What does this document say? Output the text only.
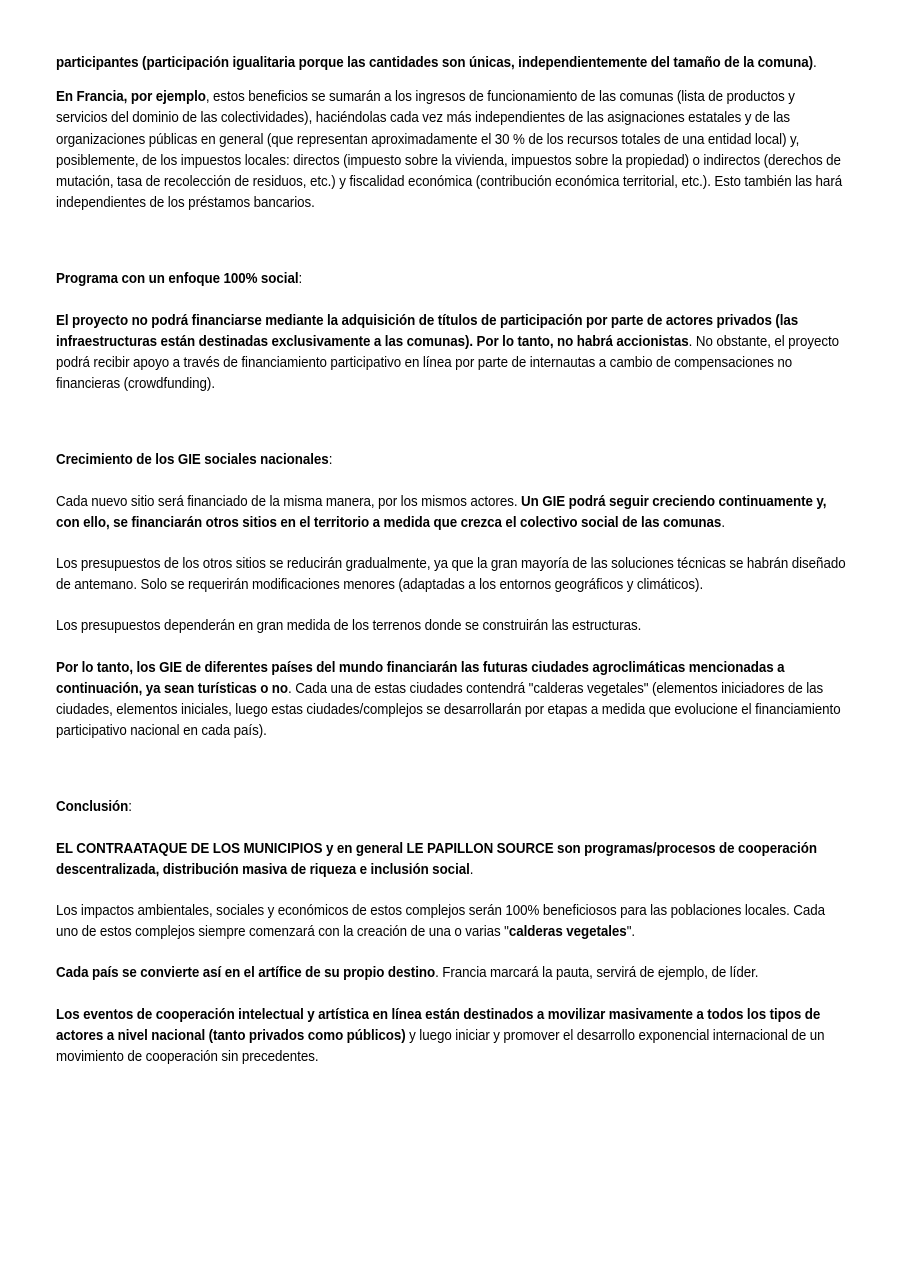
participantes (participación igualitaria porque las cantidades son únicas, independientemente del tamaño de la comuna).

En Francia, por ejemplo, estos beneficios se sumarán a los ingresos de funcionamiento de las comunas (lista de productos y servicios del dominio de las colectividades), haciéndolas cada vez más independientes de las asignaciones estatales y de las organizaciones públicas en general (que representan aproximadamente el 30 % de los recursos totales de una entidad local) y, posiblemente, de los impuestos locales: directos (impuesto sobre la vivienda, impuestos sobre la propiedad) o indirectos (derechos de mutación, tasa de recolección de residuos, etc.) y fiscalidad económica (contribución económica territorial, etc.). Esto también las hará independientes de los préstamos bancarios.

Programa con un enfoque 100% social:

El proyecto no podrá financiarse mediante la adquisición de títulos de participación por parte de actores privados (las infraestructuras están destinadas exclusivamente a las comunas). Por lo tanto, no habrá accionistas. No obstante, el proyecto podrá recibir apoyo a través de financiamiento participativo en línea por parte de internautas a cambio de compensaciones no financieras (crowdfunding).

Crecimiento de los GIE sociales nacionales:

Cada nuevo sitio será financiado de la misma manera, por los mismos actores. Un GIE podrá seguir creciendo continuamente y, con ello, se financiarán otros sitios en el territorio a medida que crezca el colectivo social de las comunas.

Los presupuestos de los otros sitios se reducirán gradualmente, ya que la gran mayoría de las soluciones técnicas se habrán diseñado de antemano. Solo se requerirán modificaciones menores (adaptadas a los entornos geográficos y climáticos).

Los presupuestos dependerán en gran medida de los terrenos donde se construirán las estructuras.

Por lo tanto, los GIE de diferentes países del mundo financiarán las futuras ciudades agroclimáticas mencionadas a continuación, ya sean turísticas o no. Cada una de estas ciudades contendrá "calderas vegetales" (elementos iniciadores de las ciudades, elementos iniciales, luego estas ciudades/complejos se desarrollarán por etapas a medida que evolucione el financiamiento participativo nacional en cada país).

Conclusión:

EL CONTRAATAQUE DE LOS MUNICIPIOS y en general LE PAPILLON SOURCE son programas/procesos de cooperación descentralizada, distribución masiva de riqueza e inclusión social.

Los impactos ambientales, sociales y económicos de estos complejos serán 100% beneficiosos para las poblaciones locales. Cada uno de estos complejos siempre comenzará con la creación de una o varias "calderas vegetales".

Cada país se convierte así en el artífice de su propio destino. Francia marcará la pauta, servirá de ejemplo, de líder.

Los eventos de cooperación intelectual y artística en línea están destinados a movilizar masivamente a todos los tipos de actores a nivel nacional (tanto privados como públicos) y luego iniciar y promover el desarrollo exponencial internacional de un movimiento de cooperación sin precedentes.
